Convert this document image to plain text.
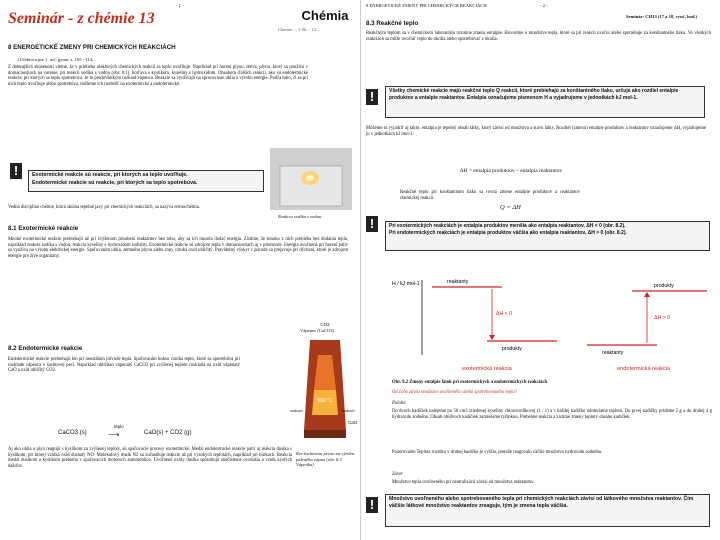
- 1 -
Seminár - z chémie 13	Chémia
Chemie ... 1 Šk. - 13 ...
8 ENERGETICKÉ ZMENY PRI CHEMICKÝCH REAKCIÁCH
(Učebnica pre 1. roč. gymn. s. 105 - 114,
Z doterajších skúseností vieme, že v priebehu niektorých chemických reakcií sa teplo uvoľňuje. Napríklad pri horení plynu, dreva, plynu, ktorý sa používa v domácnostiach na varenie, pri reakcii sodíka s vodou (obr. 8.1), horľava s kyslíkom, kyseliny s hydroxidom. Obsahom ďalších reakcií, ako sú endotermické reakcie, pri ktorých sa teplo spotrebúva. Je to predovšetkým rozklad vápenca. Reakcie sa využívajú na spracovanie uhlia a výrobu energie. Podľa toho, či sa pri nich teplo uvoľňuje alebo spotrebúva, môžeme ich rozdeliť na exotermické a endotermické.
Reakcia sodíka s vodou
!	Exotermické reakcie sú reakcie, pri ktorých sa teplo uvoľňuje.
Endotermické reakcie sú reakcie, pri ktorých sa teplo spotrebúva.
Vedná disciplína chémie, ktorá skúma tepelné javy pri chemických reakciách, sa nazýva termochémia.
8.1 Exotermické reakcie
Mnohé exotermické reakcie prebiehajú už pri zvýšenom pôsobení reaktantov bez toho, aby sa ich musela dodať energia. Zistíme, že mnoho z nich prebieha bez dodania tepla, napríklad reakcie sodíka s vodou, reakcia kyseliny s hydroxidom sodným. Exotermické reakcie sú zdrojom tepla v domácnostiach aj v priemysle. Energia uvoľnená pri horení palív sa využíva na výrobu elektrickej energie. Spaľovaním uhlia, zemného plynu alebo ropy vzniká oxid uhličitý. Pravidelný výskyt v prírode sa prejavuje pri dýchaní, ktoré je zdrojom energie pre živé organizmy.
8.2 Endotermické reakcie
Endotermické reakcie prebiehajú len pri neustálom prívode tepla. Spaľovaním koksu vzniká teplo, ktoré sa spotrebúva pri rozklade vápenca v šachtovej peci. Napríklad uhličitan vápenatý CaCO3 pri zvýšenej teplote rozkladá na oxid vápenatý CaO a oxid uhličitý CO2.
900 °C
CO2
vzduch	vzduch
CaO
Vápenec (CaCO3)
Rez šachtovou pecou na výrobu páleného vápna (obr. 8.3 Vápenka)
CaCO3 (s)
teplo
⟶	CaO(s) + CO2 (g)
Aj ako uhlia a plyn reagujú s kyslíkom za zvýšenej teploty, sú spaľovacie procesy exotermické. Medzi endotermické reakcie patrí aj reakcia dusíka s kyslíkom, pri ktorej vzniká oxid dusnatý NO. Molekulový dusík N2 sa zúčastňuje reakcie až pri vysokých teplotách, napríklad pri búrkach. Reakcia medzi dusíkom a kyslíkom prebieha v spaľovacích motoroch automobilov. Uvoľnené oxidy dusíka spôsobujú znečistenie ovzdušia a vznik kyslých dažďov.
8 ENERGETICKÉ ZMENY PRI CHEMICKÝCH REAKCIÁCH	- 2 -
Seminár: CH13 (17 a 18, vyuč. hod.)
8.3 Reakčné teplo
Reakčným teplom sa v chemickom laboratóriu rozumie zmena entalpie. Hovoríme o množstve tepla, ktoré sa pri reakcii uvoľní alebo spotrebuje za konštantného tlaku. Vo všetkých reakciách sa môže uvoľniť teplo do okolia alebo spotrebovať z okolia.
!	Všetky chemické reakcie majú reakčné teplo Q reakcii, ktoré prebiehajú za konštantného tlaku, určuje ako rozdiel entalpie produktov a entalpie reaktantov. Entalpia označujeme písmenom H a vyjadrujeme v jednotkách kJ mol-1.
Môžeme to vyjadriť aj takto: entalpia je tepelný obsah látky, ktorý závisí od množstva a stavu látky. Rozdiel (zmenu) entalpie produktov a reaktantov označujeme ΔH, vyjadrujeme ju v jednotkách kJ mol-1:
ΔH = entalpia produktov – entalpia reaktantov
Reakčné teplo pri konštantnom tlaku sa rovná zmene entalpie produktov a reaktantov chemickej reakcii.
Q = ΔH
!	Pri exotermických reakciách je entalpia produktov menšia ako entalpia reaktantov, ΔH < 0 (obr. 8.2).
Pri endotermických reakciách je entalpia produktov väčšia ako entalpia reaktantov, ΔH > 0 (obr. 8.2).
H / kJ mol-1	reaktanty
produkty
ΔH < 0
reaktanty
produkty
ΔH > 0
exotermická reakcia	endotermická reakcia
Obr. 8.2 Zmeny entalpie látok pri exotermických a endotermických reakciách
Od čoho závisí množstvo uvoľneného alebo spotrebovaného tepla?
Poloha
Do dvoch kadičiek nalejeme po 50 cm3 zriedenej kyseliny chlorovodíkovej (1 : 1) a v každej kadičke odmeriame teplotu. Do prvej kadičky pridáme 2 g a do druhej 4 g hydroxidu sodného. Obsah obidvoch kadičiek zamiešame tyčinkou. Prebehne reakcia a zistíme zmeny teploty obsahu kadičiek.
Pozorovanie Teplota roztoku v druhej kadičke je vyššia, pretože reagovalo väčšie množstvo hydroxidu sodného.
Záver
Množstvo tepla uvoľneného pri neutralizácii závisí od množstva reaktantov.
!	Množstvo uvoľneného alebo spotrebovaného tepla pri chemických reakciách závisí od látkového množstva reaktantov. Čím väčšie látkové množstvo reaktantov zreaguje, tým je zmena tepla väčšia.
